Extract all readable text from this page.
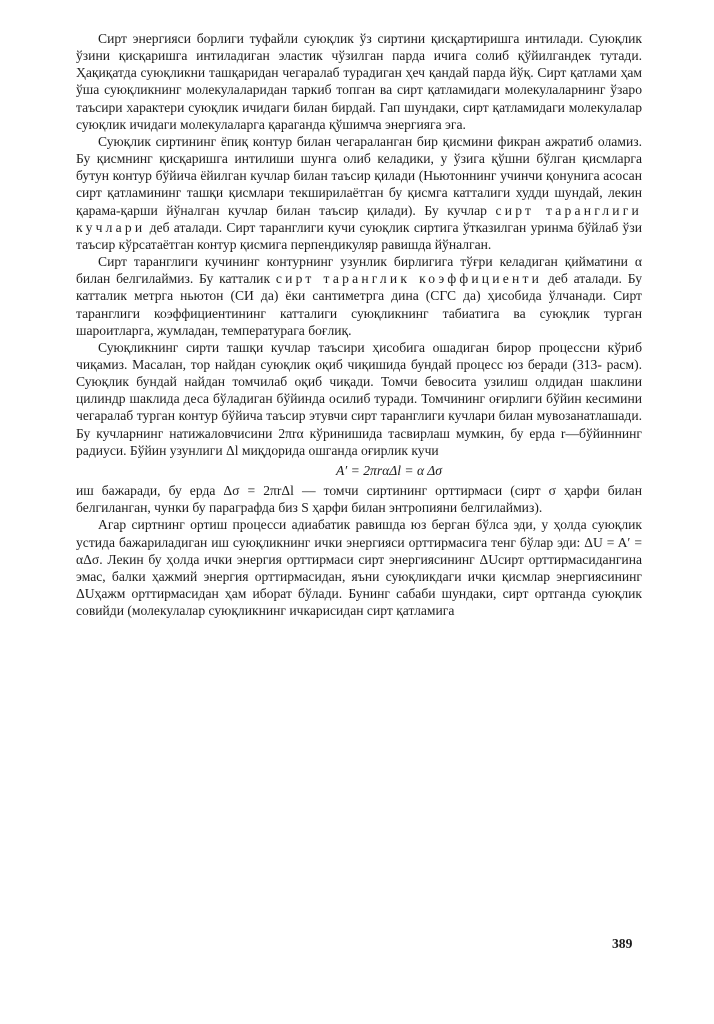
Сирт энергияси борлиги туфайли суюқлик ўз сиртини қисқартиришга интилади. Суюқлик ўзини қисқаришга интиладиган эластик чўзилган парда ичига солиб қўйилгандек тутади. Ҳақиқатда суюқликни ташқаридан чегаралаб турадиган ҳеч қандай парда йўқ. Сирт қатлами ҳам ўша суюқликнинг молекулаларидан таркиб топган ва сирт қатламидаги молекулаларнинг ўзаро таъсири характери суюқлик ичидаги билан бирдай. Гап шундаки, сирт қатламидаги молекулалар суюқлик ичидаги молекулаларга қараганда қўшимча энергияга эга.

Суюқлик сиртининг ёпиқ контур билан чегараланган бир қисмини фикран ажратиб оламиз. Бу қисмнинг қисқаришга интилиши шунга олиб келадики, у ўзига қўшни бўлган қисмларга бутун контур бўйича ёйилган кучлар билан таъсир қилади (Ньютоннинг учинчи қонунига асосан сирт қатламининг ташқи қисмлари текширилаётган бу қисмга катталиги худди шундай, лекин қарама-қарши йўналган кучлар билан таъсир қилади). Бу кучлар сирт таранглиги кучлари деб аталади. Сирт таранглиги кучи суюқлик сиртига ўтказилган уринма бўйлаб ўзи таъсир кўрсатаётган контур қисмига перпендикуляр равишда йўналган.

Сирт таранглиги кучининг контурнинг узунлик бирлигига тўғри келадиган қийматини α билан белгилаймиз. Бу катталик сирт таранглик коэффициенти деб аталади. Бу катталик метрга ньютон (СИ да) ёки сантиметрга дина (СГС да) ҳисобида ўлчанади. Сирт таранглиги коэффициентининг катталиги суюқликнинг табиатига ва суюқлик турган шароитларга, жумладан, температурага боғлиқ.

Суюқликнинг сирти ташқи кучлар таъсири ҳисобига ошадиган бирор процессни кўриб чиқамиз. Масалан, тор найдан суюқлик оқиб чиқишида бундай процесс юз беради (313- расм). Суюқлик бундай найдан томчилаб оқиб чиқади. Томчи бевосита узилиш олдидан шаклини цилиндр шаклида деса бўладиган бўйинда осилиб туради. Томчининг оғирлиги бўйин кесимини чегаралаб турган контур бўйича таъсир этувчи сирт таранглиги кучлари билан мувозанатлашади. Бу кучларнинг натижаловчисини 2πrα кўринишида тасвирлаш мумкин, бу ерда r—бўйиннинг радиуси. Бўйин узунлиги Δl миқдорида ошганда оғирлик кучи

A′ = 2πrαΔl = α Δσ

иш бажаради, бу ерда Δσ = 2πrΔl — томчи сиртининг орттирмаси (сирт σ ҳарфи билан белгиланган, чунки бу параграфда биз S ҳарфи билан энтропияни белгилаймиз).

Агар сиртнинг ортиш процесси адиабатик равишда юз берган бўлса эди, у ҳолда суюқлик устида бажариладиган иш суюқликнинг ички энергияси орттирмасига тенг бўлар эди: ΔU = A′ = αΔσ. Лекин бу ҳолда ички энергия орттирмаси сирт энергиясининг ΔUсирт орттирмасидангина эмас, балки ҳажмий энергия орттирмасидан, яъни суюқликдаги ички қисмлар энергиясининг ΔUҳажм орттирмасидан ҳам иборат бўлади. Бунинг сабаби шундаки, сирт ортганда суюқлик совийди (молекулалар суюқликнинг ичкарисидан сирт қатламига

389
